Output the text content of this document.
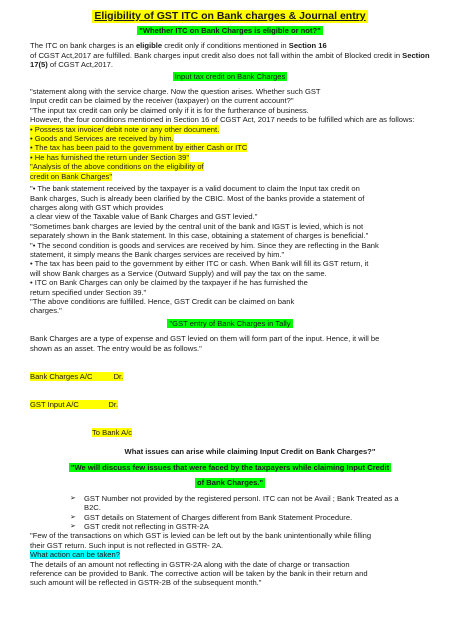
Eligibility of GST ITC on Bank charges & Journal entry
"Whether ITC on Bank Charges is eligible or not?"

The ITC on bank charges is an eligible credit only if conditions mentioned in Section 16
of CGST Act,2017 are fulfilled. Bank charges input credit also does not fall within the ambit of Blocked credit in Section 17(5) of CGST Act,2017.

Input tax credit on Bank Charges

"statement along with the service charge. Now the question arises. Whether such GST

Input credit can be claimed by the receiver (taxpayer) on the current account?"

"The input tax credit can only be claimed only if it is for the furtherance of business.

However, the four conditions mentioned in Section 16 of CGST Act, 2017 needs to be fulfilled which are as follows:

• Possess tax invoice/ debit note or any other document.
• Goods and Services are received by him.
• The tax has been paid to the government by either Cash or ITC
• He has furnished the return under Section 39"
"Analysis of the above conditions on the eligibility of
credit on Bank Charges"

"• The bank statement received by the taxpayer is a valid document to claim the Input tax credit on

Bank charges, Such is already been clarified by the CBIC. Most of the banks provide a statement of

charges along with GST which provides

a clear view of the Taxable value of Bank Charges and GST levied."

"Sometimes bank charges are levied by the central unit of the bank and IGST is levied, which is not

separately shown in the Bank statement. In this case, obtaining a statement of charges is beneficial."

"• The second condition is goods and services are received by him. Since they are reflecting in the Bank

statement, it simply means the Bank charges services are received by him."

• The tax has been paid to the government by either ITC or cash. When Bank will fill its GST return, it

will show Bank charges as a Service (Outward Supply) and will pay the tax on the same.

• ITC on Bank Charges can only be claimed by the taxpayer if he has furnished the

return specified under Section 39."

"The above conditions are fulfilled. Hence, GST Credit can be claimed on bank

charges."

"GST entry of Bank Charges in Tally

Bank Charges are a type of expense and GST levied on them will form part of the input. Hence, it will be

shown as an asset. The entry would be as follows."

Bank Charges A/C          Dr.

GST Input A/C              Dr.

To Bank A/c

What issues can arise while claiming Input Credit on Bank Charges?"
"We will discuss few issues that were faced by the taxpayers while claiming Input Credit
of Bank Charges."

➢ GST Number not provided by the registered personI. ITC can not be Avail ; Bank Treated as a

B2C.

➢ GST details on Statement of Charges different from Bank Statement Procedure.

➢ GST credit not reflecting in GSTR-2A

"Few of the transactions on which GST is levied can be left out by the bank unintentionally while filling

their GST return. Such input is not reflected in GSTR- 2A.

What action can be taken?

The details of an amount not reflecting in GSTR-2A along with the date of charge or transaction

reference can be provided to Bank. The corrective action will be taken by the bank in their return and

such amount will be reflected in GSTR-2B of the subsequent month."
